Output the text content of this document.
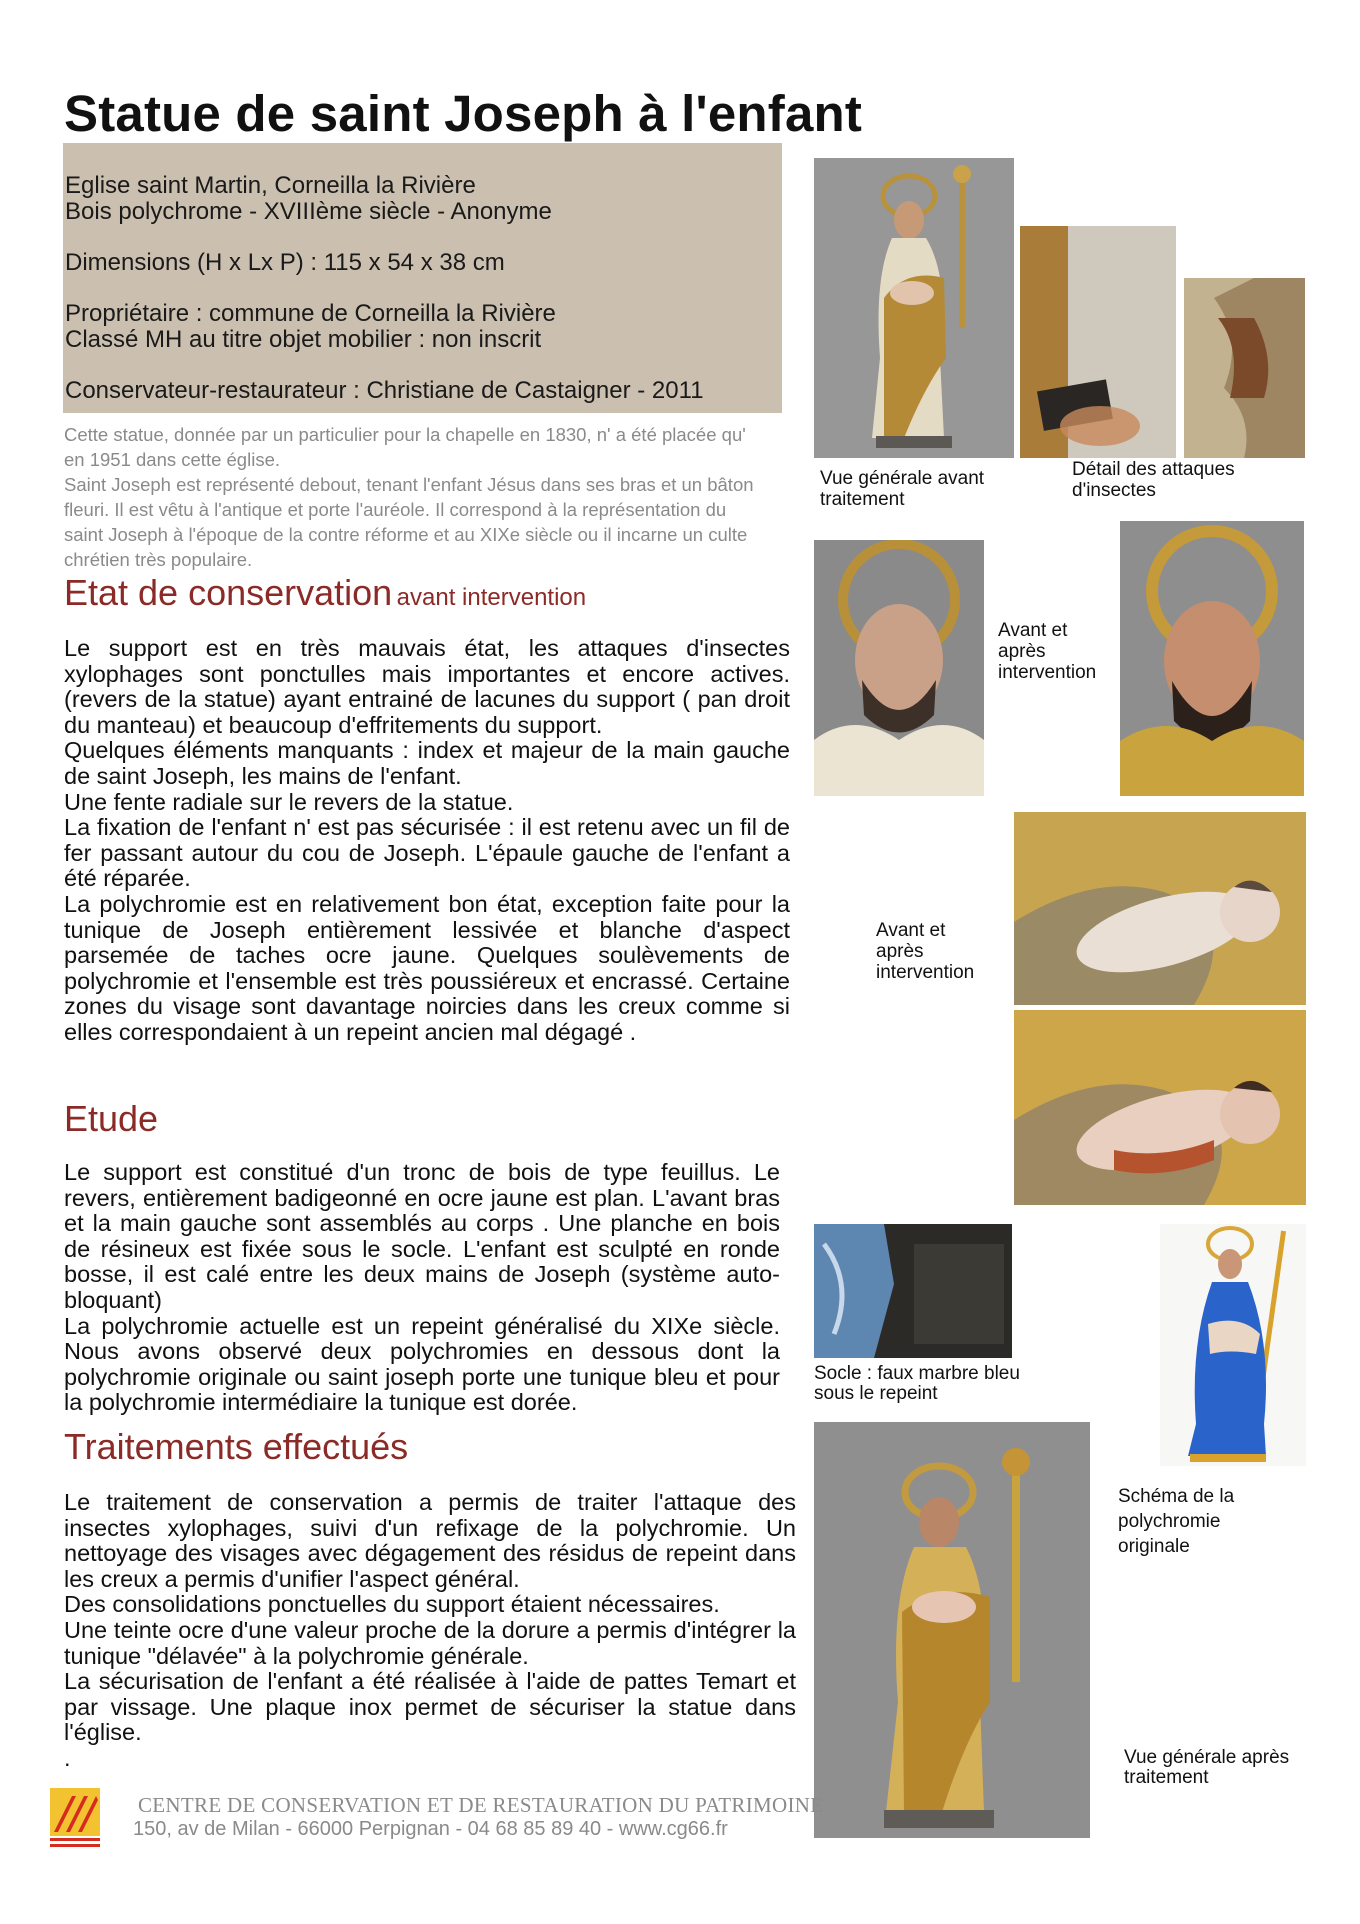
Statue de saint Joseph à l'enfant
Eglise saint Martin, Corneilla la Rivière
Bois polychrome - XVIIIème siècle - Anonyme
Dimensions (H x Lx P) : 115 x 54 x 38 cm
Propriétaire : commune de Corneilla la Rivière
Classé MH au titre objet mobilier : non inscrit
Conservateur-restaurateur : Christiane de Castaigner - 2011

Cette statue, donnée par un particulier pour la chapelle en 1830, n' a été placée qu' en 1951 dans cette église.

Saint Joseph est représenté debout, tenant l'enfant Jésus dans ses bras et un bâton fleuri. Il est vêtu à l'antique et porte l'auréole. Il correspond à la représentation du saint Joseph à l'époque de la contre réforme et au XIXe siècle ou il incarne un culte chrétien très populaire.

Etat de conservation avant intervention

Le support est en très mauvais état, les attaques d'insectes xylophages sont ponctulles mais importantes et encore actives.(revers de la statue) ayant entrainé de lacunes du support ( pan droit du manteau) et beaucoup d'effritements du support.

Quelques éléments manquants : index et majeur de la main gauche de saint Joseph, les mains de l'enfant.

Une fente radiale sur le revers de la statue.

La fixation de l'enfant n' est pas sécurisée : il est retenu avec un fil de fer passant autour du cou de Joseph. L'épaule gauche de l'enfant a été réparée.

La polychromie est en relativement bon état, exception faite pour la tunique de Joseph entièrement lessivée et blanche d'aspect parsemée de taches ocre jaune. Quelques soulèvements de polychromie et l'ensemble est très poussiéreux et encrassé. Certaine zones du visage sont davantage noircies dans les creux comme si elles correspondaient à un repeint ancien mal dégagé .

Etude

Le support est constitué d'un tronc de bois de type feuillus. Le revers, entièrement badigeonné en ocre jaune est plan. L'avant bras et la main gauche sont assemblés au corps . Une planche en bois de résineux est fixée sous le socle. L'enfant est sculpté en ronde bosse, il est calé entre les deux mains de Joseph (système auto-bloquant)

La polychromie actuelle est un repeint généralisé du XIXe siècle. Nous avons observé deux polychromies en dessous dont la polychromie originale ou saint joseph porte une tunique bleu et pour la polychromie intermédiaire la tunique est dorée.

Traitements effectués

Le traitement de conservation a permis de traiter l'attaque des insectes xylophages, suivi d'un refixage de la polychromie. Un nettoyage des visages avec dégagement des résidus de repeint dans les creux a permis d'unifier l'aspect général.

Des consolidations ponctuelles du support étaient nécessaires.

Une teinte ocre d'une valeur proche de la dorure a permis d'intégrer la tunique "délavée" à la polychromie générale.

La sécurisation de l'enfant a été réalisée à l'aide de pattes Temart et par vissage. Une plaque inox permet de sécuriser la statue dans l'église.

.

Vue générale avant traitement
Détail des attaques d'insectes
Avant et après intervention
Avant et après intervention
Socle : faux marbre bleu sous le repeint
Schéma de la polychromie originale
Vue générale après traitement
CENTRE DE CONSERVATION ET DE RESTAURATION DU PATRIMOINE
150, av de Milan - 66000 Perpignan - 04 68 85 89 40 - www.cg66.fr
